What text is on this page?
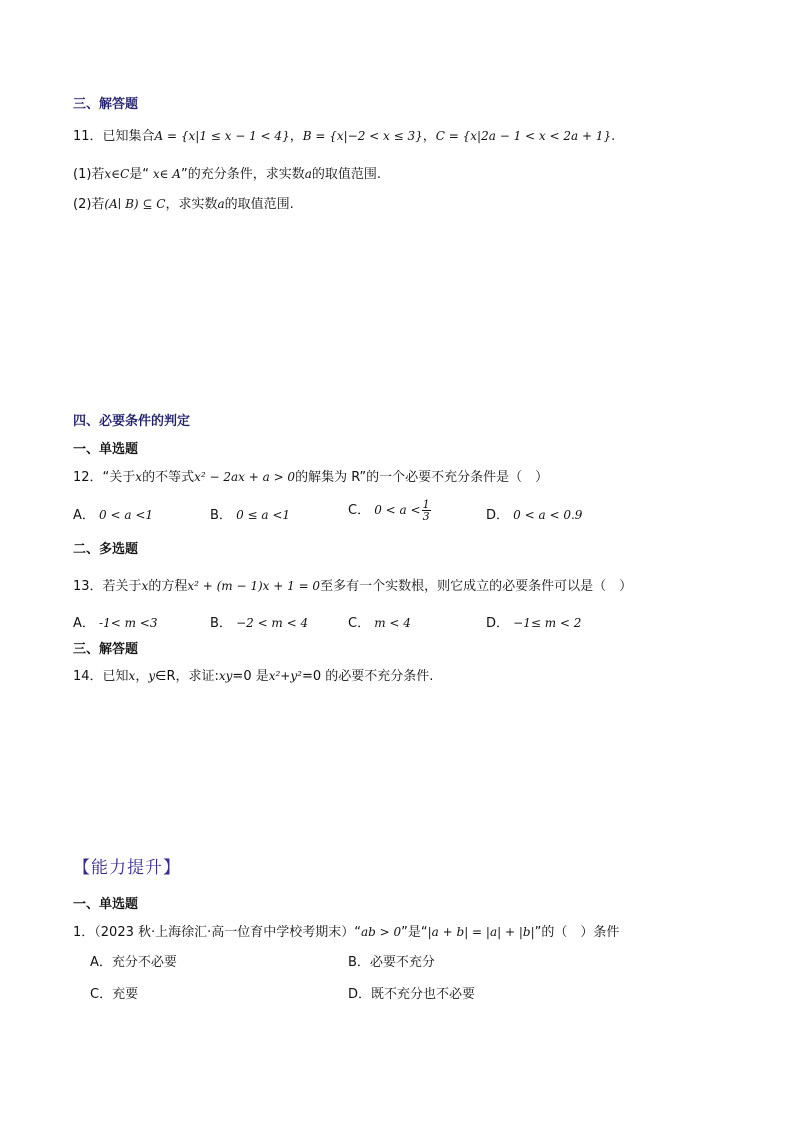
三、解答题
11．已知集合A = {x|1 ≤ x − 1 < 4}，B = {x|−2 < x ≤ 3}，C = {x|2a − 1 < x < 2a + 1}.
(1)若x∈C是“ x∈ A”的充分条件，求实数a的取值范围.
(2)若(A∣ B) ⊆ C，求实数a的取值范围.
四、必要条件的判定
一、单选题
12．“关于x的不等式x² − 2ax + a > 0的解集为 R”的一个必要不充分条件是（　）
A． 0 < a <1	B． 0 ≤ a <1	C． $0 < a < \frac{1}{3}$	D． 0 < a < 0.9
二、多选题
13．若关于x的方程x² + (m − 1)x + 1 = 0至多有一个实数根，则它成立的必要条件可以是（　）
A． -1< m <3	B． −2 < m < 4	C． m < 4	D． −1≤ m < 2
三、解答题
14．已知x，y∈R，求证:xy=0 是x²+y²=0 的必要不充分条件.
【能力提升】
一、单选题
1．（2023 秋·上海徐汇·高一位育中学校考期末）“ab > 0”是“|a + b| = |a| + |b|”的（　）条件
A．充分不必要	B．必要不充分
C．充要	D．既不充分也不必要
